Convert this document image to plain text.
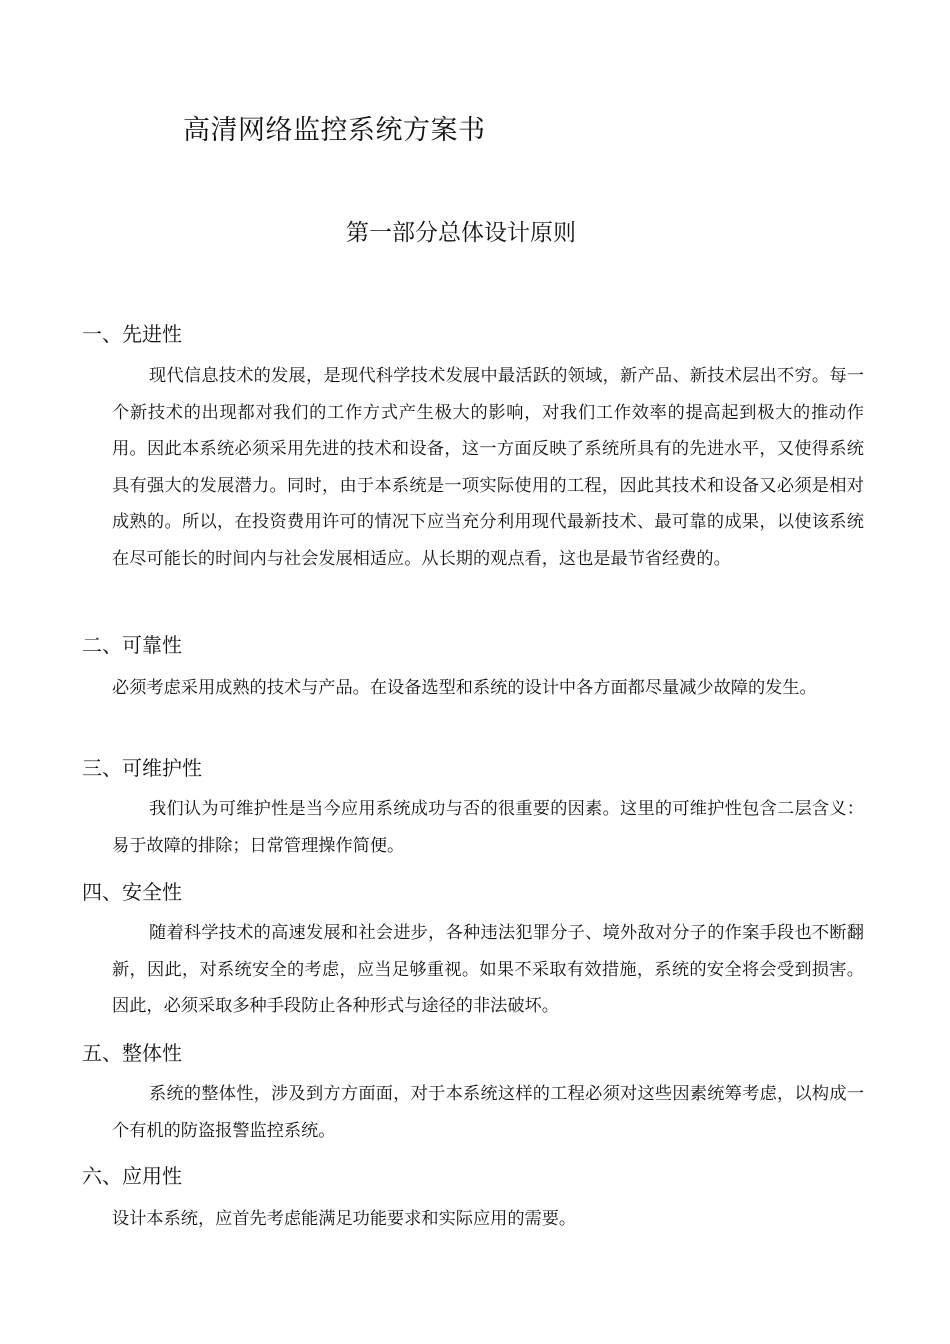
高清网络监控系统方案书
第一部分总体设计原则
一、先进性

现代信息技术的发展，是现代科学技术发展中最活跃的领域，新产品、新技术层出不穷。每一个新技术的出现都对我们的工作方式产生极大的影响，对我们工作效率的提高起到极大的推动作用。因此本系统必须采用先进的技术和设备，这一方面反映了系统所具有的先进水平，又使得系统具有强大的发展潜力。同时，由于本系统是一项实际使用的工程，因此其技术和设备又必须是相对成熟的。所以，在投资费用许可的情况下应当充分利用现代最新技术、最可靠的成果，以使该系统在尽可能长的时间内与社会发展相适应。从长期的观点看，这也是最节省经费的。

二、可靠性

必须考虑采用成熟的技术与产品。在设备选型和系统的设计中各方面都尽量减少故障的发生。

三、可维护性

我们认为可维护性是当今应用系统成功与否的很重要的因素。这里的可维护性包含二层含义：易于故障的排除；日常管理操作简便。

四、安全性

随着科学技术的高速发展和社会进步，各种违法犯罪分子、境外敌对分子的作案手段也不断翻新，因此，对系统安全的考虑，应当足够重视。如果不采取有效措施，系统的安全将会受到损害。因此，必须采取多种手段防止各种形式与途径的非法破坏。

五、整体性

系统的整体性，涉及到方方面面，对于本系统这样的工程必须对这些因素统筹考虑，以构成一个有机的防盗报警监控系统。

六、应用性

设计本系统，应首先考虑能满足功能要求和实际应用的需要。
